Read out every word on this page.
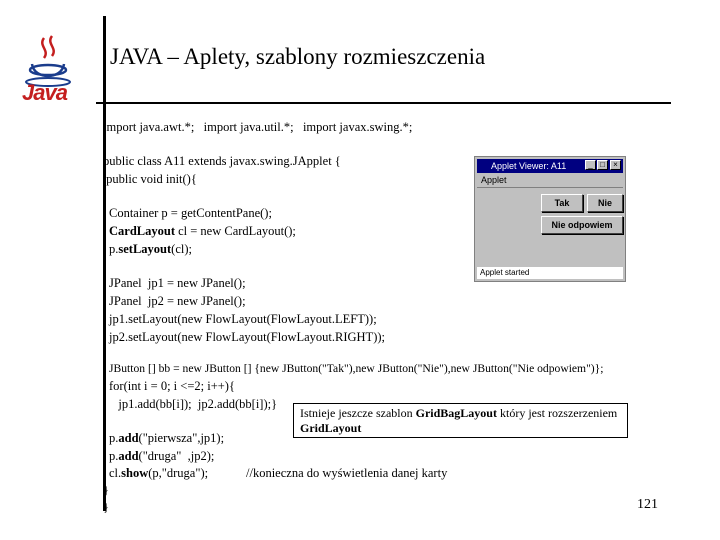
Java
JAVA – Aplety, szablony rozmieszczenia
import java.awt.*;   import java.util.*;   import javax.swing.*;
public class A11 extends javax.swing.JApplet {
public void init(){
Container p = getContentPane();
CardLayout cl = new CardLayout();
p.setLayout(cl);
JPanel  jp1 = new JPanel();
JPanel  jp2 = new JPanel();
jp1.setLayout(new FlowLayout(FlowLayout.LEFT));
jp2.setLayout(new FlowLayout(FlowLayout.RIGHT));
JButton [] bb = new JButton [] {new JButton("Tak"),new JButton("Nie"),new JButton("Nie odpowiem")};
for(int i = 0; i <=2; i++){
jp1.add(bb[i]);  jp2.add(bb[i]);}
p.add("pierwsza",jp1);
p.add("druga"  ,jp2);
cl.show(p,"druga");	//konieczna do wyświetlenia danej karty
}
}
Applet Viewer: A11	_ □	×
Applet
Tak	Nie
Nie odpowiem
Applet started
Istnieje jeszcze szablon GridBagLayout który jest rozszerzeniem GridLayout
121
